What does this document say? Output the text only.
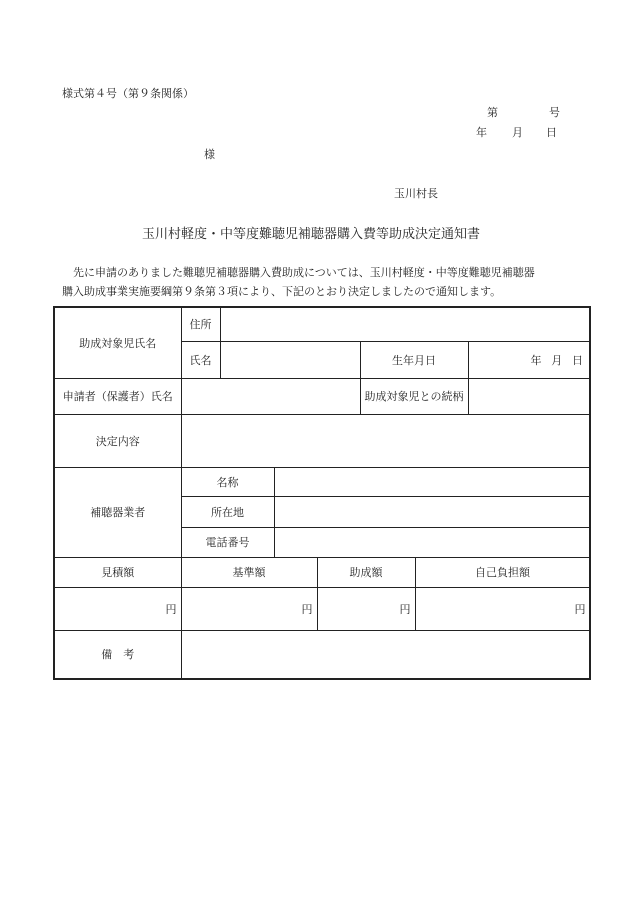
様式第４号（第９条関係）
第	号
年 月 日
様
玉川村長
玉川村軽度・中等度難聴児補聴器購入費等助成決定通知書
先に申請のありました難聴児補聴器購入費助成については、玉川村軽度・中等度難聴児補聴器
購入助成事業実施要綱第９条第３項により、下記のとおり決定しましたので通知します。
助成対象児氏名	住所						
	氏名				生年月日		年 月 日

申請者（保護者）氏名					助成対象児との続柄		
決定内容							
補聴器業者	名称						
	所在地						
	電話番号						
見積額	基準額			助成額		自己負担額	
円	円			円		円	
備　考							
